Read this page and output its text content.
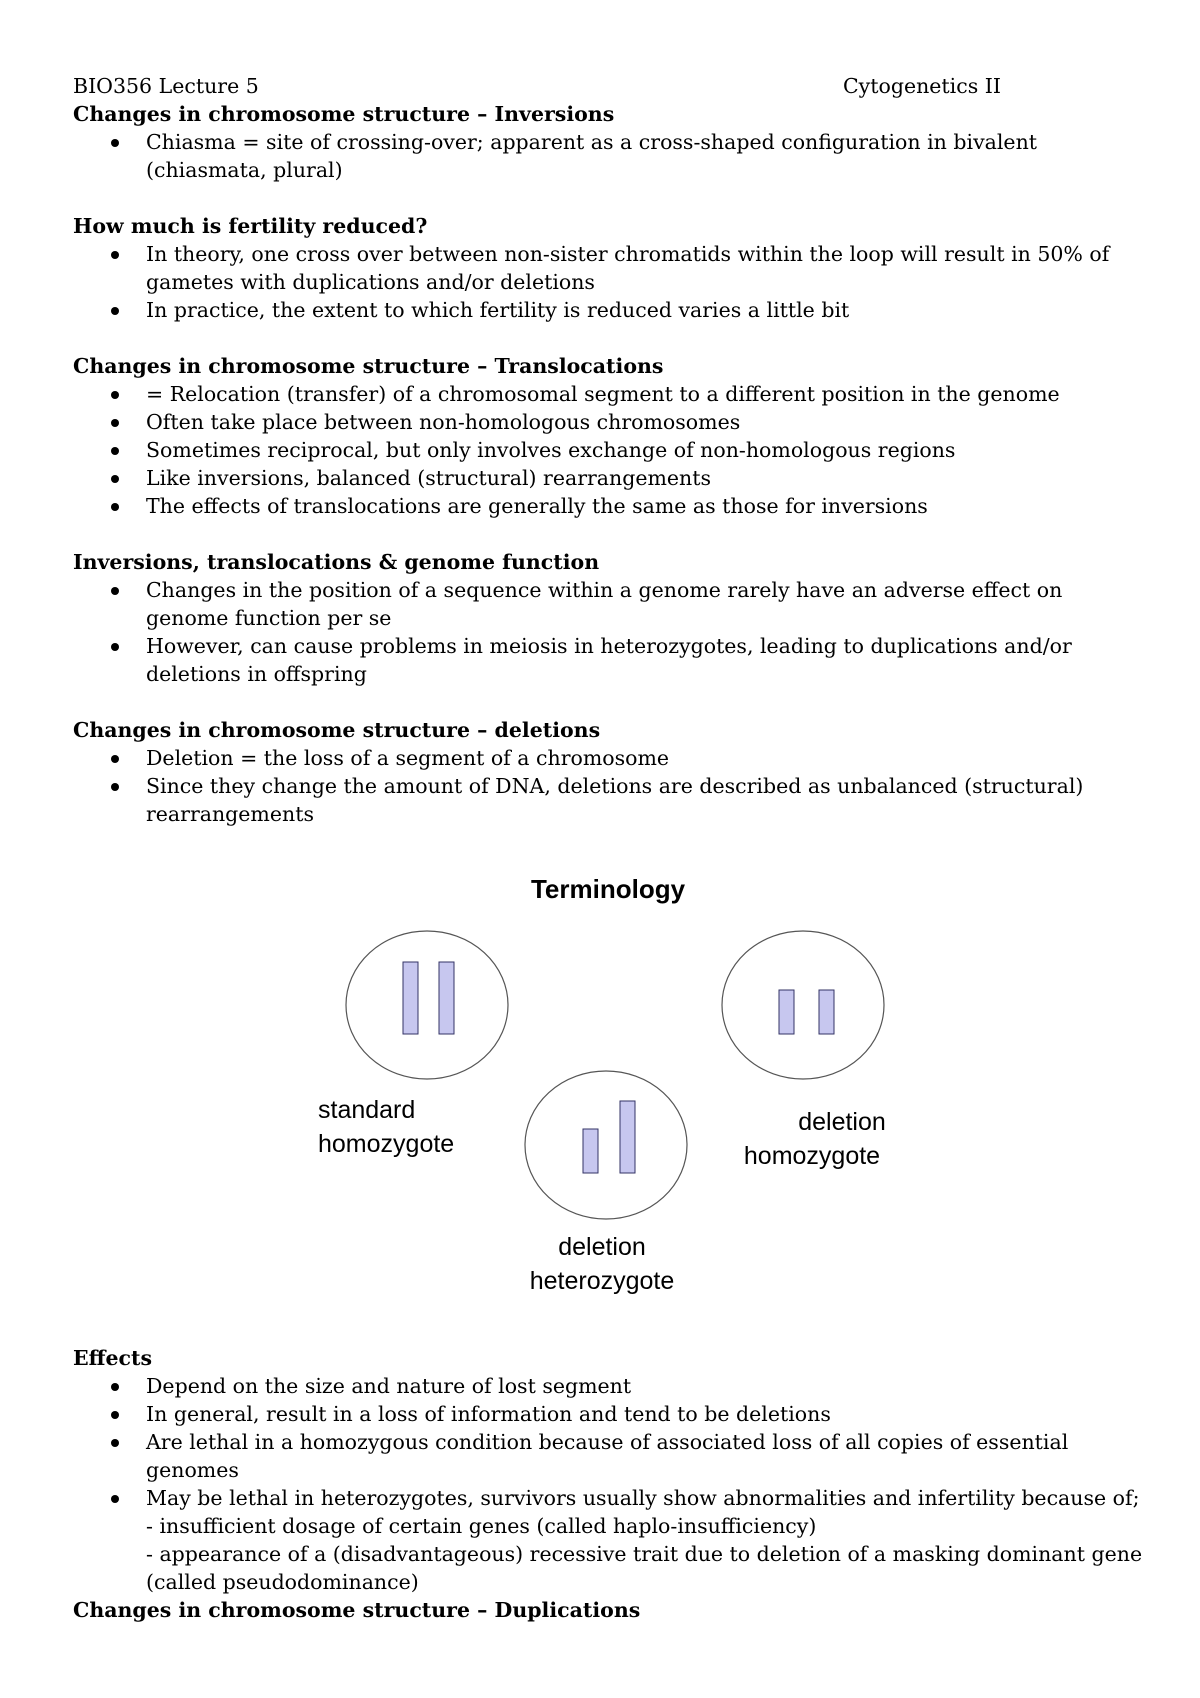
BIO356 Lecture 5	Cytogenetics II

Changes in chromosome structure – Inversions

Chiasma = site of crossing-over; apparent as a cross-shaped configuration in bivalent (chiasmata, plural)

How much is fertility reduced?

In theory, one cross over between non-sister chromatids within the loop will result in 50% of gametes with duplications and/or deletions
In practice, the extent to which fertility is reduced varies a little bit

Changes in chromosome structure – Translocations

= Relocation (transfer) of a chromosomal segment to a different position in the genome
Often take place between non-homologous chromosomes
Sometimes reciprocal, but only involves exchange of non-homologous regions
Like inversions, balanced (structural) rearrangements
The effects of translocations are generally the same as those for inversions

Inversions, translocations & genome function

Changes in the position of a sequence within a genome rarely have an adverse effect on genome function per se
However, can cause problems in meiosis in heterozygotes, leading to duplications and/or deletions in offspring

Changes in chromosome structure – deletions

Deletion = the loss of a segment of a chromosome
Since they change the amount of DNA, deletions are described as unbalanced (structural) rearrangements
Terminology
standard
homozygote
deletion
homozygote
deletion
heterozygote

Effects

Depend on the size and nature of lost segment
In general, result in a loss of information and tend to be deletions
Are lethal in a homozygous condition because of associated loss of all copies of essential genomes
May be lethal in heterozygotes, survivors usually show abnormalities and infertility because of;
- insufficient dosage of certain genes (called haplo-insufficiency)
- appearance of a (disadvantageous) recessive trait due to deletion of a masking dominant gene (called pseudodominance)

Changes in chromosome structure – Duplications
